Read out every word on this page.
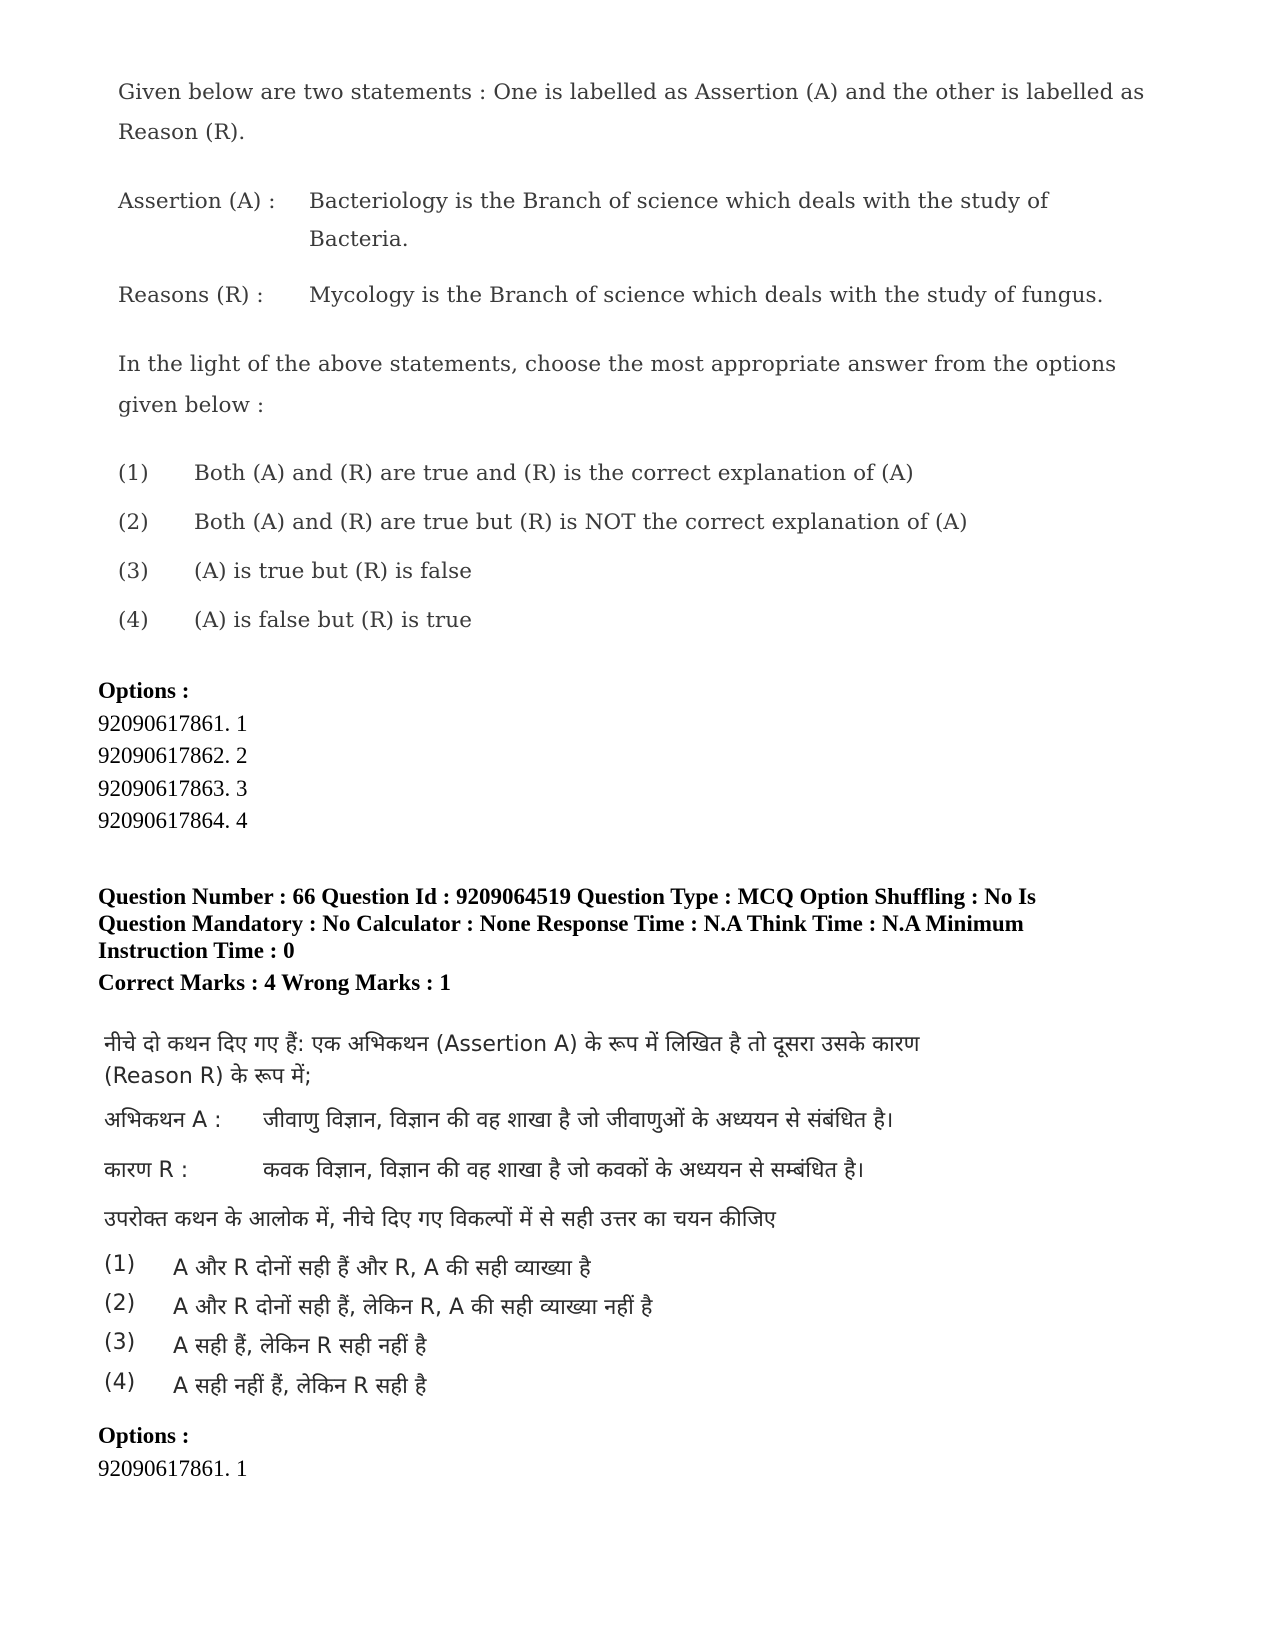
Given below are two statements : One is labelled as Assertion (A) and the other is labelled as
Reason (R).
Assertion (A) : Bacteriology is the Branch of science which deals with the study of
Bacteria.
Reasons (R) : Mycology is the Branch of science which deals with the study of fungus.
In the light of the above statements, choose the most appropriate answer from the options
given below :
(1) Both (A) and (R) are true and (R) is the correct explanation of (A)
(2) Both (A) and (R) are true but (R) is NOT the correct explanation of (A)
(3) (A) is true but (R) is false
(4) (A) is false but (R) is true
Options :
92090617861. 1
92090617862. 2
92090617863. 3
92090617864. 4
Question Number : 66 Question Id : 9209064519 Question Type : MCQ Option Shuffling : No Is
Question Mandatory : No Calculator : None Response Time : N.A Think Time : N.A Minimum
Instruction Time : 0
Correct Marks : 4 Wrong Marks : 1
नीचे दो कथन दिए गए हैं: एक अभिकथन (Assertion A) के रूप में लिखित है तो दूसरा उसके कारण
(Reason R) के रूप में;
अभिकथन A : जीवाणु विज्ञान, विज्ञान की वह शाखा है जो जीवाणुओं के अध्ययन से संबंधित है।
कारण R :	कवक विज्ञान, विज्ञान की वह शाखा है जो कवकों के अध्ययन से सम्बंधित है।
उपरोक्त कथन के आलोक में, नीचे दिए गए विकल्पों में से सही उत्तर का चयन कीजिए
(1) A और R दोनों सही हैं और R, A की सही व्याख्या है
(2) A और R दोनों सही हैं, लेकिन R, A की सही व्याख्या नहीं है
(3) A सही हैं, लेकिन R सही नहीं है
(4) A सही नहीं हैं, लेकिन R सही है
Options :
92090617861. 1
